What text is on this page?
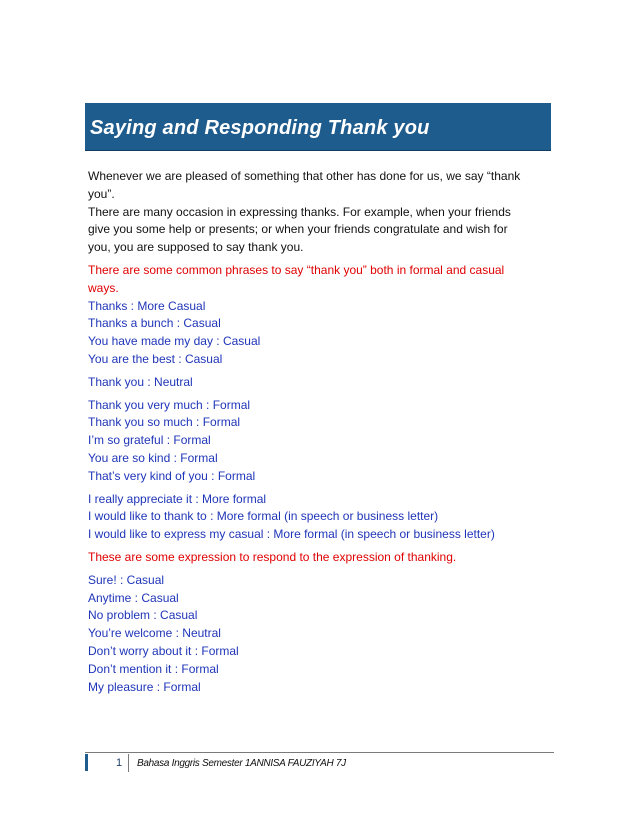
Saying and Responding Thank you

Whenever we are pleased of something that other has done for us, we say “thank

you”.

There are many occasion in expressing thanks. For example, when your friends

give you some help or presents; or when your friends congratulate and wish for

you, you are supposed to say thank you.

There are some common phrases to say “thank you” both in formal and casual

ways.

Thanks : More Casual

Thanks a bunch : Casual

You have made my day : Casual

You are the best : Casual

Thank you : Neutral

Thank you very much : Formal

Thank you so much : Formal

I’m so grateful : Formal

You are so kind : Formal

That’s very kind of you : Formal

I really appreciate it : More formal

I would like to thank to : More formal (in speech or business letter)

I would like to express my casual : More formal (in speech or business letter)

These are some expression to respond to the expression of thanking.

Sure! : Casual

Anytime : Casual

No problem : Casual

You’re welcome : Neutral

Don’t worry about it : Formal

Don’t mention it : Formal

My pleasure : Formal

1 Bahasa Inggris Semester 1ANNISA FAUZIYAH 7J
